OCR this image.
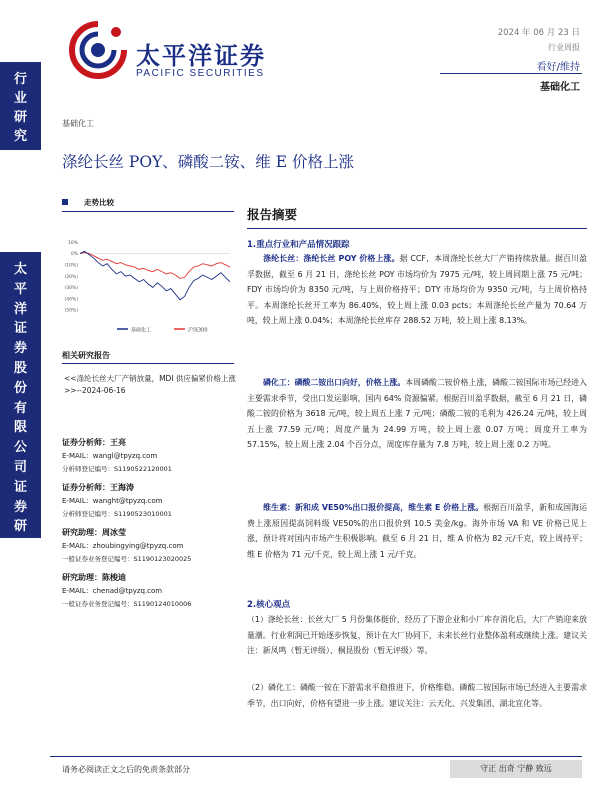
太平洋证券
PACIFIC SECURITIES
2024 年 06 月 23 日
行业周报
看好/维持
基础化工
行
业
研
究
太
平
洋
证
券
股
份
有
限
公
司
证
券
研
究
报
告
基础化工
涤纶长丝 POY、磷酸二铵、维 E 价格上涨
走势比较
10%
0%
(10%)
(20%)
(30%)
(40%)
(50%)
基础化工	沪深300
相关研究报告
<<涤纶长丝大厂产销放量，MDI 供应偏紧价格上涨>>--2024-06-16
证券分析师：王亮
E-MAIL：wangl@tpyzq.com
分析师登记编号：S1190522120001
证券分析师：王海涛
E-MAIL：wanght@tpyzq.com
分析师登记编号：S1190523010001
研究助理：周冰莹
E-MAIL：zhoubingying@tpyzq.com
一般证券业务登记编号：S1190123020025
研究助理：陈梭迪
E-MAIL：chenad@tpyzq.com
一般证券业务登记编号：S1190124010006
报告摘要
1.重点行业和产品情况跟踪
涤纶长丝：涤纶长丝 POY 价格上涨。据 CCF，本周涤纶长丝大厂产销持续放量。据百川盈孚数据，截至 6 月 21 日，涤纶长丝 POY 市场均价为 7975 元/吨，较上周同期上涨 75 元/吨；FDY 市场均价为 8350 元/吨，与上周价格持平；DTY 市场均价为 9350 元/吨，与上周价格持平。本周涤纶长丝开工率为 86.40%，较上周上涨 0.03 pcts；本周涤纶长丝产量为 70.64 万吨，较上周上涨 0.04%；本周涤纶长丝库存 288.52 万吨，较上周上涨 8.13%。
磷化工：磷酸二铵出口向好，价格上涨。本周磷酸二铵价格上涨，磷酸二铵国际市场已经进入主要需求季节，受出口发运影响，国内 64% 资源偏紧。根据百川盈孚数据，截至 6 月 21 日，磷酸二铵的价格为 3618 元/吨，较上周五上涨 7 元/吨；磷酸二铵的毛利为 426.24 元/吨，较上周五上涨 77.59 元/吨；周度产量为 24.99 万吨，较上周上涨 0.07 万吨；周度开工率为 57.15%，较上周上涨 2.04 个百分点，周度库存量为 7.8 万吨，较上周上涨 0.2 万吨。
维生素：新和成 VE50%出口报价提高，维生素 E 价格上涨。根据百川盈孚，新和成国海运费上涨原因提高饲料级 VE50%的出口报价到 10.5 美金/kg。海外市场 VA 和 VE 价格已见上涨，预计将对国内市场产生积极影响。截至 6 月 21 日，维 A 价格为 82 元/千克，较上周持平；维 E 价格为 71 元/千克，较上周上涨 1 元/千克。
2.核心观点
（1）涤纶长丝：长丝大厂 5 月份集体挺价，经历了下游企业和小厂库存消化后，大厂产销迎来放量潮。行业利润已开始逐步恢复，预计在大厂协同下，未来长丝行业整体盈利或继续上涨。建议关注：新凤鸣（暂无评级）、桐昆股份（暂无评级）等。
（2）磷化工：磷酸一铵在下游需求平稳推进下，价格维稳。磷酸二铵国际市场已经进入主要需求季节，出口向好，价格有望进一步上涨。建议关注：云天化、兴发集团、湖北宜化等。
请务必阅读正文之后的免责条款部分	守正 出奇 宁静 致远
